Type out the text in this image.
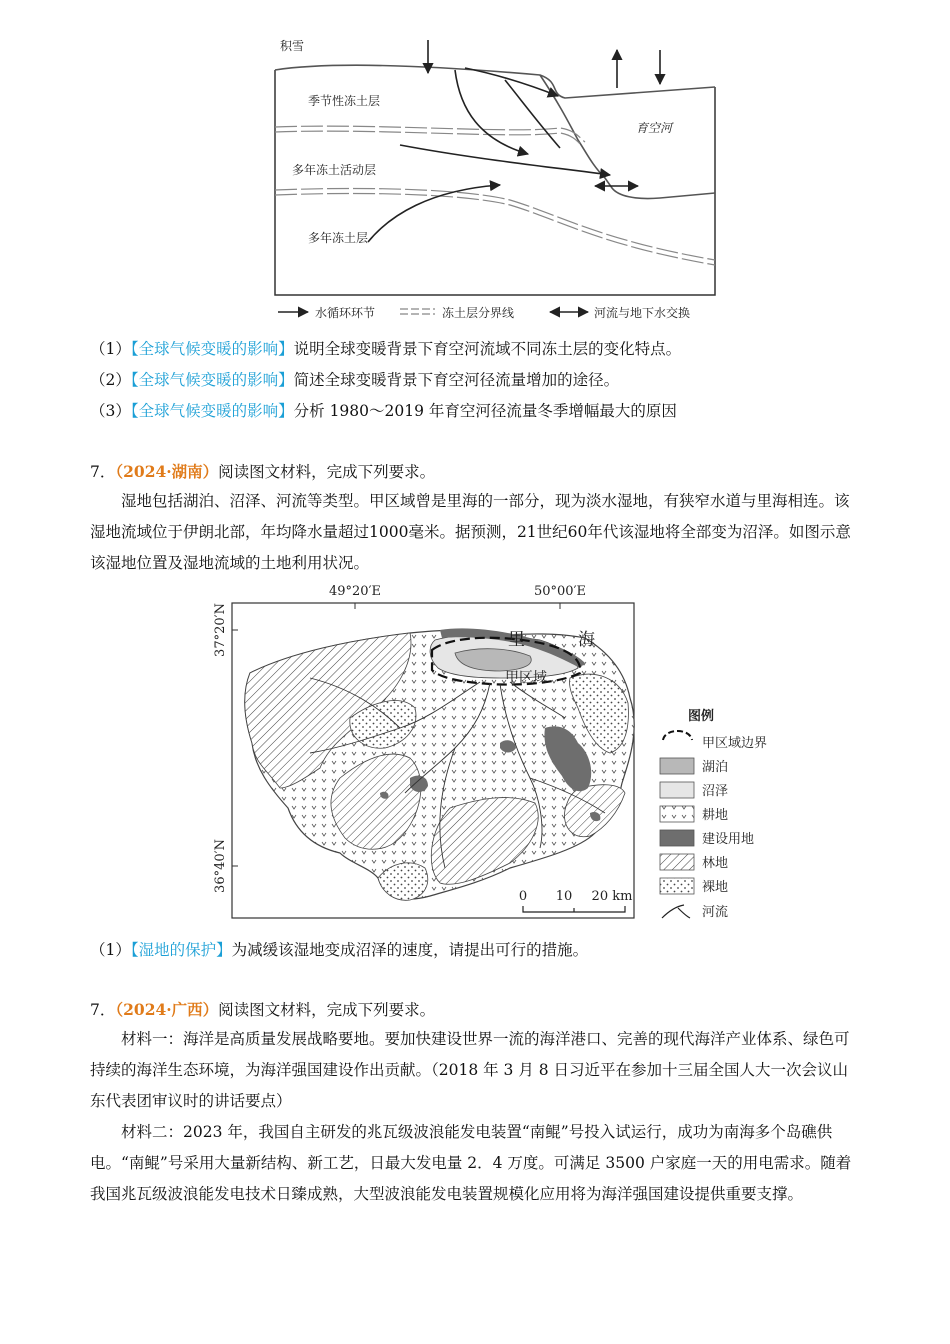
积雪
季节性冻土层
多年冻土活动层
多年冻土层
育空河
水循环环节	冻土层分界线	河流与地下水交换
（1）【全球气候变暖的影响】说明全球变暖背景下育空河流域不同冻土层的变化特点。
（2）【全球气候变暖的影响】简述全球变暖背景下育空河径流量增加的途径。
（3）【全球气候变暖的影响】分析 1980～2019 年育空河径流量冬季增幅最大的原因
7．（2024·湖南）阅读图文材料，完成下列要求。
湿地包括湖泊、沼泽、河流等类型。甲区域曾是里海的一部分，现为淡水湿地，有狭窄水道与里海相连。该湿地流域位于伊朗北部，年均降水量超过1000毫米。据预测，21世纪60年代该湿地将全部变为沼泽。如图示意该湿地位置及湿地流域的土地利用状况。
49°20′E	50°00′E
37°20′N
36°40′N
里	海
甲区域
0 10 20 km
图例
甲区域边界
湖泊
沼泽
耕地
建设用地
林地
裸地
河流
（1）【湿地的保护】为减缓该湿地变成沼泽的速度，请提出可行的措施。
7．（2024·广西）阅读图文材料，完成下列要求。
材料一：海洋是高质量发展战略要地。要加快建设世界一流的海洋港口、完善的现代海洋产业体系、绿色可持续的海洋生态环境，为海洋强国建设作出贡献。（2018 年 3 月 8 日习近平在参加十三届全国人大一次会议山东代表团审议时的讲话要点）
材料二：2023 年，我国自主研发的兆瓦级波浪能发电装置“南鲲”号投入试运行，成功为南海多个岛礁供电。“南鲲”号采用大量新结构、新工艺，日最大发电量 2．4 万度。可满足 3500 户家庭一天的用电需求。随着我国兆瓦级波浪能发电技术日臻成熟，大型波浪能发电装置规模化应用将为海洋强国建设提供重要支撑。
